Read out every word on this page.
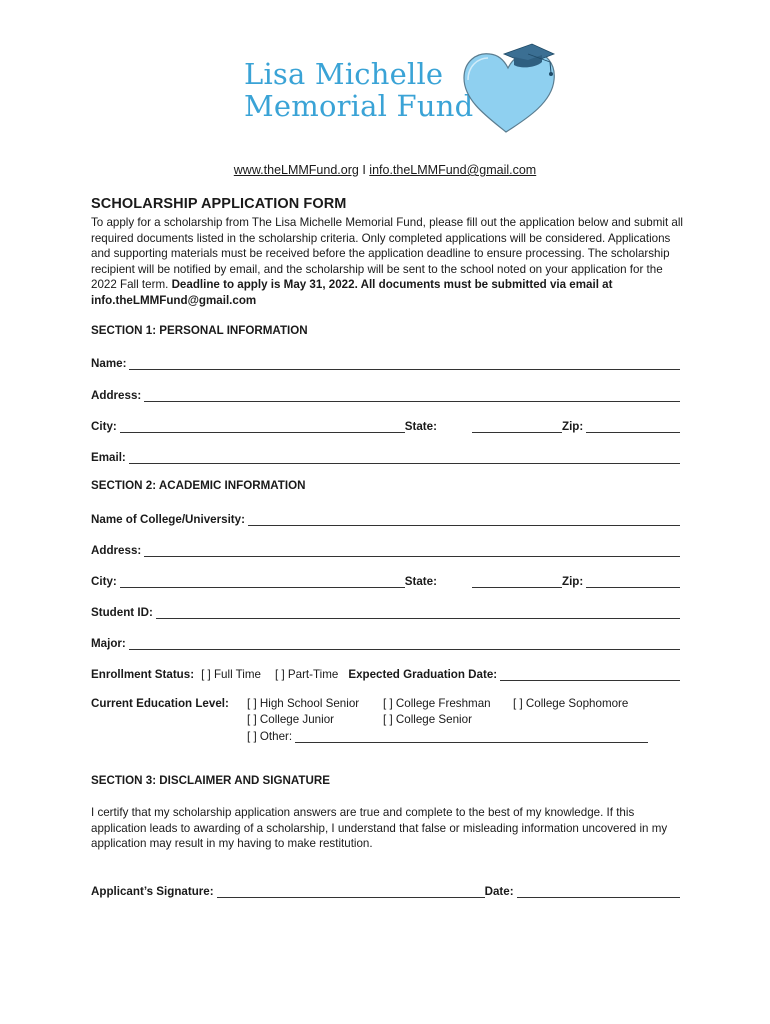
Lisa Michelle
Memorial Fund
www.theLMMFund.org I info.theLMMFund@gmail.com
SCHOLARSHIP APPLICATION FORM
To apply for a scholarship from The Lisa Michelle Memorial Fund, please fill out the application below and submit all required documents listed in the scholarship criteria. Only completed applications will be considered. Applications and supporting materials must be received before the application deadline to ensure processing. The scholarship recipient will be notified by email, and the scholarship will be sent to the school noted on your application for the 2022 Fall term. Deadline to apply is May 31, 2022. All documents must be submitted via email at info.theLMMFund@gmail.com
SECTION 1: PERSONAL INFORMATION
Name:
Address:
City:	State:	Zip:
Email:
SECTION 2: ACADEMIC INFORMATION
Name of College/University:
Address:
City:	State:	Zip:
Student ID:
Major:
Enrollment Status: [ ] Full Time [ ] Part-Time Expected Graduation Date:
Current Education Level: [ ] High School Senior [ ] College Freshman [ ] College Sophomore
[ ] College Junior	[ ] College Senior
[ ] Other:
SECTION 3: DISCLAIMER AND SIGNATURE
I certify that my scholarship application answers are true and complete to the best of my knowledge. If this application leads to awarding of a scholarship, I understand that false or misleading information uncovered in my application may result in my having to make restitution.
Applicant’s Signature:	Date:
